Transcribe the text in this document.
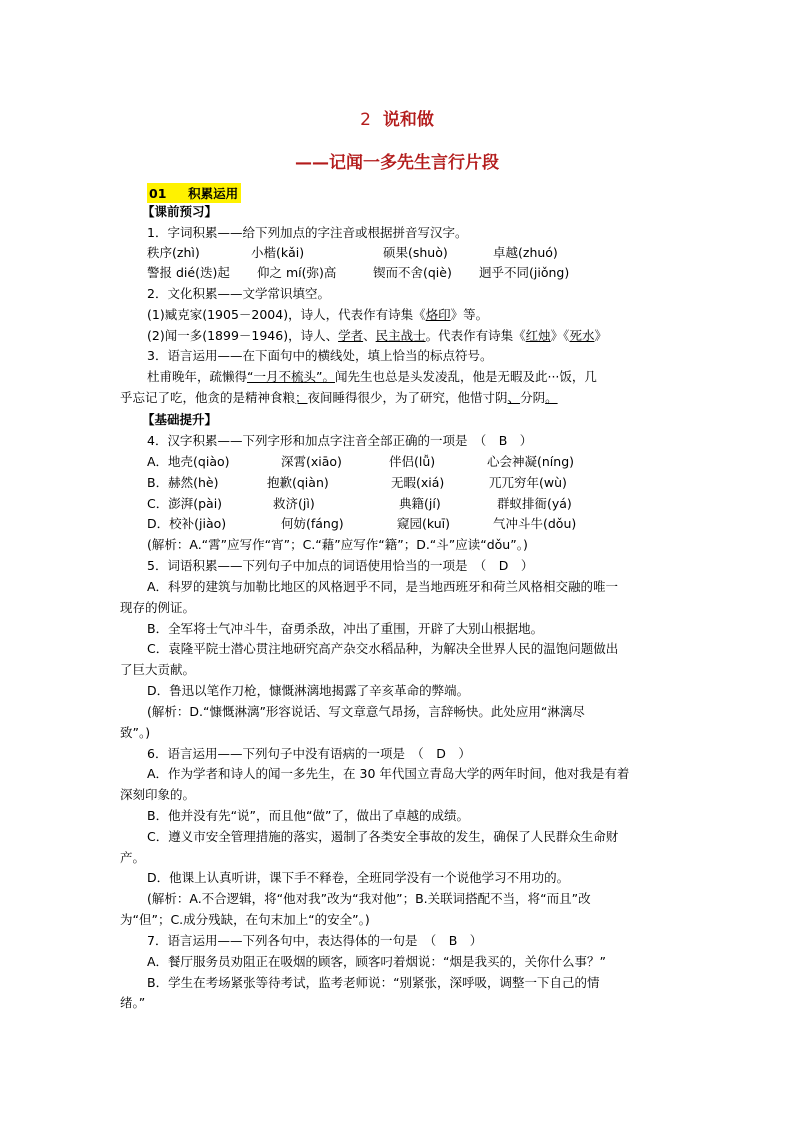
2 说和做
——记闻一多先生言行片段
01 积累运用
【课前预习】
1．字词积累——给下列加点的字注音或根据拼音写汉字。
秩序(zhì)	小楷(kǎi)	硕果(shuò)	卓越(zhuó)
警报 dié(迭)起 仰之 mí(弥)高	锲而不舍(qiè) 迥乎不同(jiǒng)
2．文化积累——文学常识填空。
(1)臧克家(1905－2004)，诗人，代表作有诗集《烙印》等。
(2)闻一多(1899－1946)，诗人、学者、民主战士。代表作有诗集《红烛》《死水》
3．语言运用——在下面句中的横线处，填上恰当的标点符号。
杜甫晚年，疏懒得“一月不梳头”。闻先生也总是头发凌乱，他是无暇及此···饭，几
乎忘记了吃，他贪的是精神食粮；夜间睡得很少，为了研究，他惜寸阴、分阴。
【基础提升】
4．汉字积累——下列字形和加点字注音全部正确的一项是　（　B　）
A．地壳(qiào)	深霄(xiāo)	伴侣(lǚ)	心会神凝(níng)
B．赫然(hè)	抱歉(qiàn)	无暇(xiá)	兀兀穷年(wù)
C．澎湃(pài)	救济(jì)	典籍(jí)	群蚁排衙(yá)
D．校补(jiào)	何妨(fáng)	窥园(kuī)	气冲斗牛(dǒu)
(解析：A.“霄”应写作“宵”；C.“藉”应写作“籍”；D.“斗”应读“dǒu”。)
5．词语积累——下列句子中加点的词语使用恰当的一项是　（　D　）
A．科罗的建筑与加勒比地区的风格迥乎不同，是当地西班牙和荷兰风格相交融的唯一
现存的例证。
B．全军将士气冲斗牛，奋勇杀敌，冲出了重围，开辟了大别山根据地。
C．袁隆平院士潜心贯注地研究高产杂交水稻品种，为解决全世界人民的温饱问题做出
了巨大贡献。
D．鲁迅以笔作刀枪，慷慨淋漓地揭露了辛亥革命的弊端。
(解析：D.“慷慨淋漓”形容说话、写文章意气昂扬，言辞畅快。此处应用“淋漓尽
致”。)
6．语言运用——下列句子中没有语病的一项是　（　D　）
A．作为学者和诗人的闻一多先生，在 30 年代国立青岛大学的两年时间，他对我是有着
深刻印象的。
B．他并没有先“说”，而且他“做”了，做出了卓越的成绩。
C．遵义市安全管理措施的落实，遏制了各类安全事故的发生，确保了人民群众生命财
产。
D．他课上认真听讲，课下手不释卷，全班同学没有一个说他学习不用功的。
(解析：A.不合逻辑，将“他对我”改为“我对他”；B.关联词搭配不当，将“而且”改
为“但”；C.成分残缺，在句末加上“的安全”。)
7．语言运用——下列各句中，表达得体的一句是　（　B　）
A．餐厅服务员劝阻正在吸烟的顾客，顾客叼着烟说：“烟是我买的，关你什么事？”
B．学生在考场紧张等待考试，监考老师说：“别紧张，深呼吸，调整一下自己的情
绪。”
